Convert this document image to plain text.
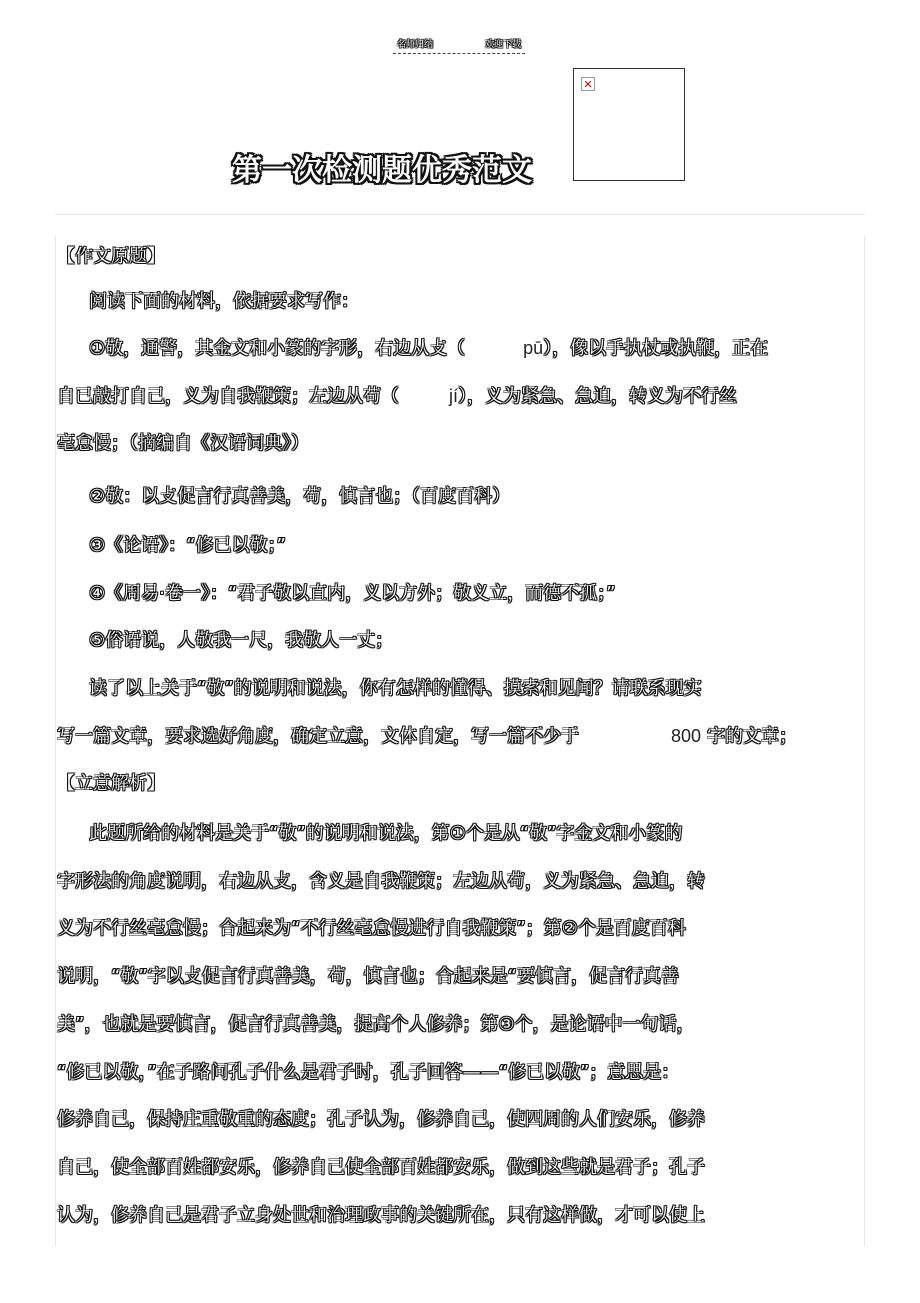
名师归纳	欢迎下载
第一次检测题优秀范文
✕
【作文原题】
阅读下面的材料，依据要求写作：
①敬，通警，其金文和小篆的字形，右边从攴（	pū），像以手执杖或执鞭，正在
自已敲打自己，义为自我鞭策；左边从苟（	jí），义为紧急、急迫，转义为不行丝
毫怠慢；（摘编自《汉语词典》）
②敬：以攴促言行真善美，苟，慎言也；（百度百科）
③《论语》：“修已以敬；”
④《周易·卷一》：“君子敬以直内，义以方外；敬义立，而德不孤；”
⑤俗语说，人敬我一尺，我敬人一丈；
读了以上关于“敬”的说明和说法，你有怎样的懂得、摸索和见闻？请联系现实
写一篇文章，要求选好角度，确定立意，文体自定，写一篇不少于	800 字的文章；
【立意解析】
此题所给的材料是关于“敬”的说明和说法，第①个是从“敬”字金文和小篆的
字形法的角度说明，右边从攴，含义是自我鞭策；左边从苟，义为紧急、急迫，转
义为不行丝毫怠慢；合起来为“不行丝毫怠慢进行自我鞭策”；第②个是百度百科
说明，“敬”字以攴促言行真善美，苟，慎言也；合起来是“要慎言，促言行真善
美”，也就是要慎言，促言行真善美，提高个人修养；第③个，是论语中一句话，
“修已以敬，”在子路问孔子什么是君子时，孔子回答——“修已以敬”；意思是：
修养自己，保持庄重敬重的态度；孔子认为，修养自己，使四周的人们安乐，修养
自己，使全部百姓都安乐，修养自己使全部百姓都安乐，做到这些就是君子；孔子
认为，修养自己是君子立身处世和治理政事的关键所在，只有这样做，才可以使上
